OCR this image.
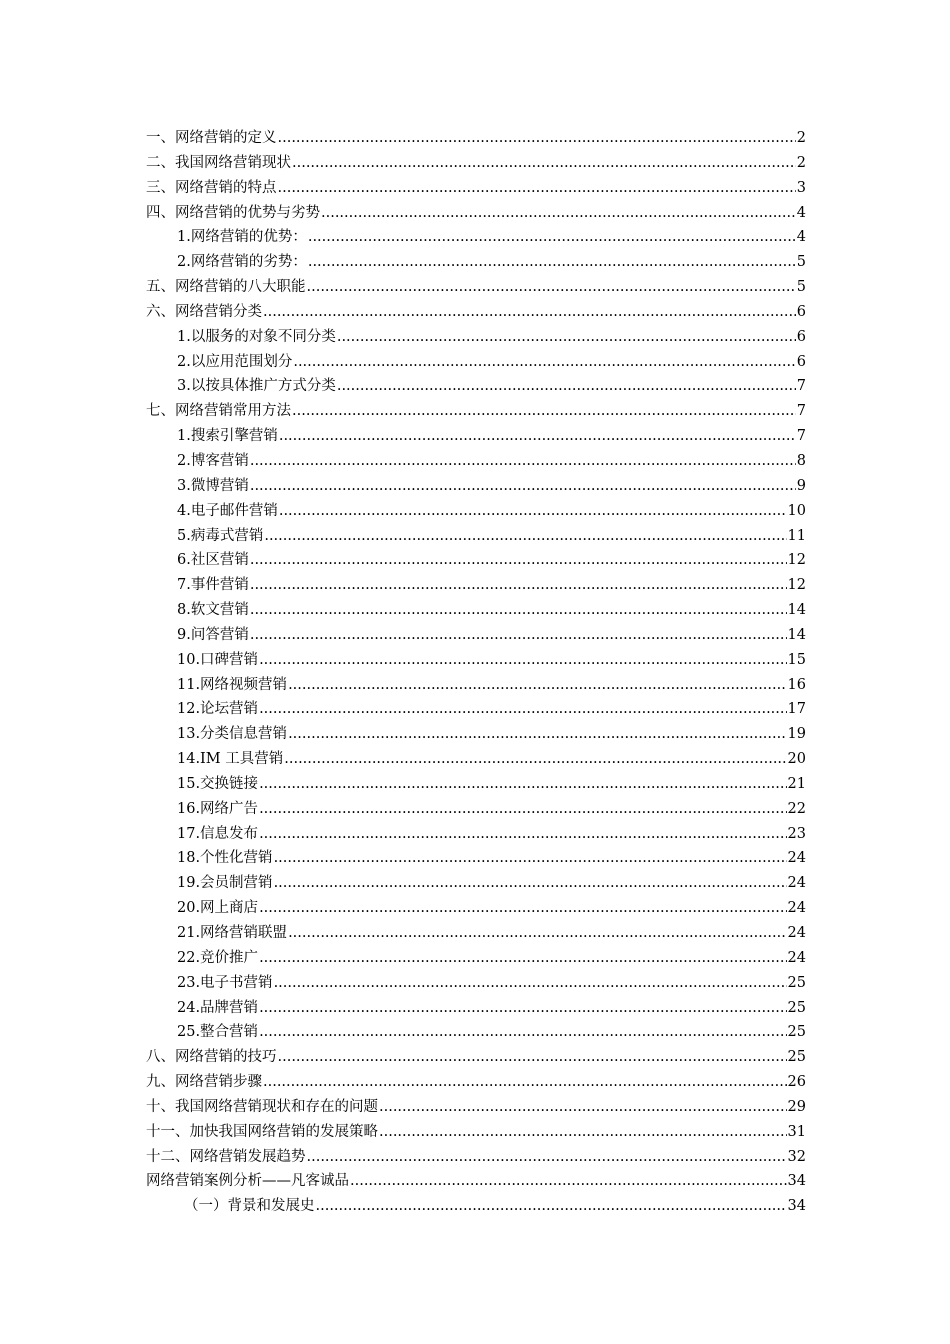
一、网络营销的定义 .....	2
二、我国网络营销现状 .....	2
三、网络营销的特点 .....	3
四、网络营销的优势与劣势 .....	4
1.网络营销的优势： .....	4
2.网络营销的劣势： .....	5
五、网络营销的八大职能 .....	5
六、网络营销分类 .....	6
1.以服务的对象不同分类 .....	6
2.以应用范围划分 .....	6
3.以按具体推广方式分类 .....	7
七、网络营销常用方法 .....	7
1.搜索引擎营销 .....	7
2.博客营销 .....	8
3.微博营销 .....	9
4.电子邮件营销 .....	10
5.病毒式营销 .....	11
6.社区营销 .....	12
7.事件营销 .....	12
8.软文营销 .....	14
9.问答营销 .....	14
10.口碑营销 .....	15
11.网络视频营销 .....	16
12.论坛营销 .....	17
13.分类信息营销 .....	19
14.IM 工具营销 .....	20
15.交换链接 .....	21
16.网络广告 .....	22
17.信息发布 .....	23
18.个性化营销 .....	24
19.会员制营销 .....	24
20.网上商店 .....	24
21.网络营销联盟 .....	24
22.竞价推广 .....	24
23.电子书营销 .....	25
24.品牌营销 .....	25
25.整合营销 .....	25
八、网络营销的技巧 .....	25
九、网络营销步骤 .....	26
十、我国网络营销现状和存在的问题 .....	29
十一、加快我国网络营销的发展策略 .....	31
十二、网络营销发展趋势 .....	32
网络营销案例分析——凡客诚品 .....	34
（一）背景和发展史 .....	34
